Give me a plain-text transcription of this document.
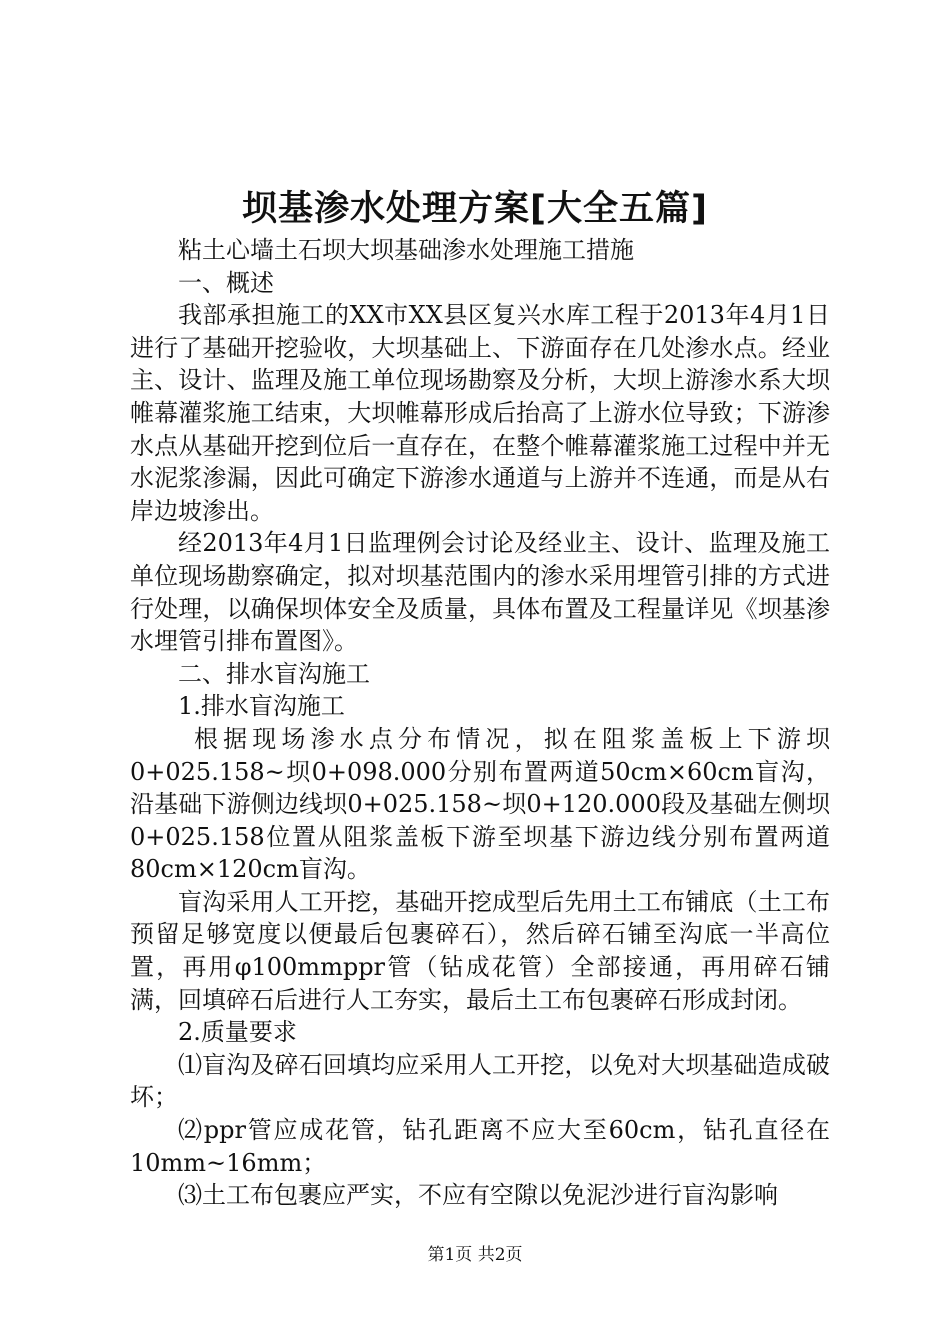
坝基渗水处理方案[大全五篇]

粘土心墙土石坝大坝基础渗水处理施工措施

一、概述

我部承担施工的XX市XX县区复兴水库工程于2013年4月1日进行了基础开挖验收，大坝基础上、下游面存在几处渗水点。经业主、设计、监理及施工单位现场勘察及分析，大坝上游渗水系大坝帷幕灌浆施工结束，大坝帷幕形成后抬高了上游水位导致；下游渗水点从基础开挖到位后一直存在，在整个帷幕灌浆施工过程中并无水泥浆渗漏，因此可确定下游渗水通道与上游并不连通，而是从右岸边坡渗出。

经2013年4月1日监理例会讨论及经业主、设计、监理及施工单位现场勘察确定，拟对坝基范围内的渗水采用埋管引排的方式进行处理，以确保坝体安全及质量，具体布置及工程量详见《坝基渗水埋管引排布置图》。

二、排水盲沟施工

1.排水盲沟施工

根据现场渗水点分布情况，拟在阻浆盖板上下游坝0+025.158~坝0+098.000分别布置两道50cm×60cm盲沟，沿基础下游侧边线坝0+025.158~坝0+120.000段及基础左侧坝0+025.158位置从阻浆盖板下游至坝基下游边线分别布置两道80cm×120cm盲沟。

盲沟采用人工开挖，基础开挖成型后先用土工布铺底（土工布预留足够宽度以便最后包裹碎石），然后碎石铺至沟底一半高位置，再用φ100mmppr管（钻成花管）全部接通，再用碎石铺满，回填碎石后进行人工夯实，最后土工布包裹碎石形成封闭。

2.质量要求

⑴盲沟及碎石回填均应采用人工开挖，以免对大坝基础造成破坏；

⑵ppr管应成花管，钻孔距离不应大至60cm，钻孔直径在10mm~16mm；

⑶土工布包裹应严实，不应有空隙以免泥沙进行盲沟影响

第1页 共2页
